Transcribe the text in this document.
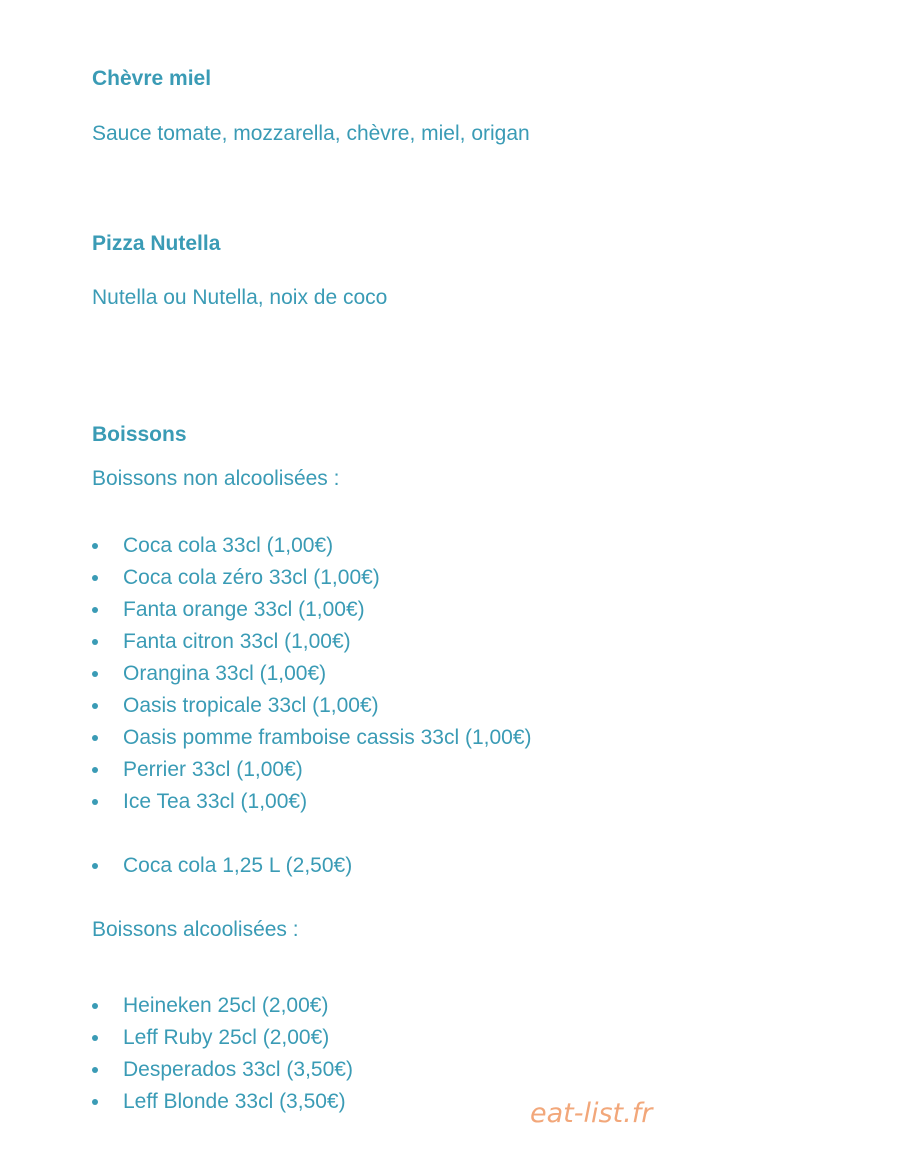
Chèvre miel
Sauce tomate, mozzarella, chèvre, miel, origan
Pizza Nutella
Nutella ou Nutella, noix de coco
Boissons
Boissons non alcoolisées :
Coca cola 33cl (1,00€)
Coca cola zéro 33cl (1,00€)
Fanta orange 33cl (1,00€)
Fanta citron 33cl (1,00€)
Orangina 33cl (1,00€)
Oasis tropicale 33cl (1,00€)
Oasis pomme framboise cassis 33cl (1,00€)
Perrier 33cl (1,00€)
Ice Tea 33cl (1,00€)
Coca cola 1,25 L (2,50€)
Boissons alcoolisées :
Heineken 25cl (2,00€)
Leff Ruby 25cl (2,00€)
Desperados 33cl (3,50€)
Leff Blonde 33cl (3,50€)	eat-list.fr
